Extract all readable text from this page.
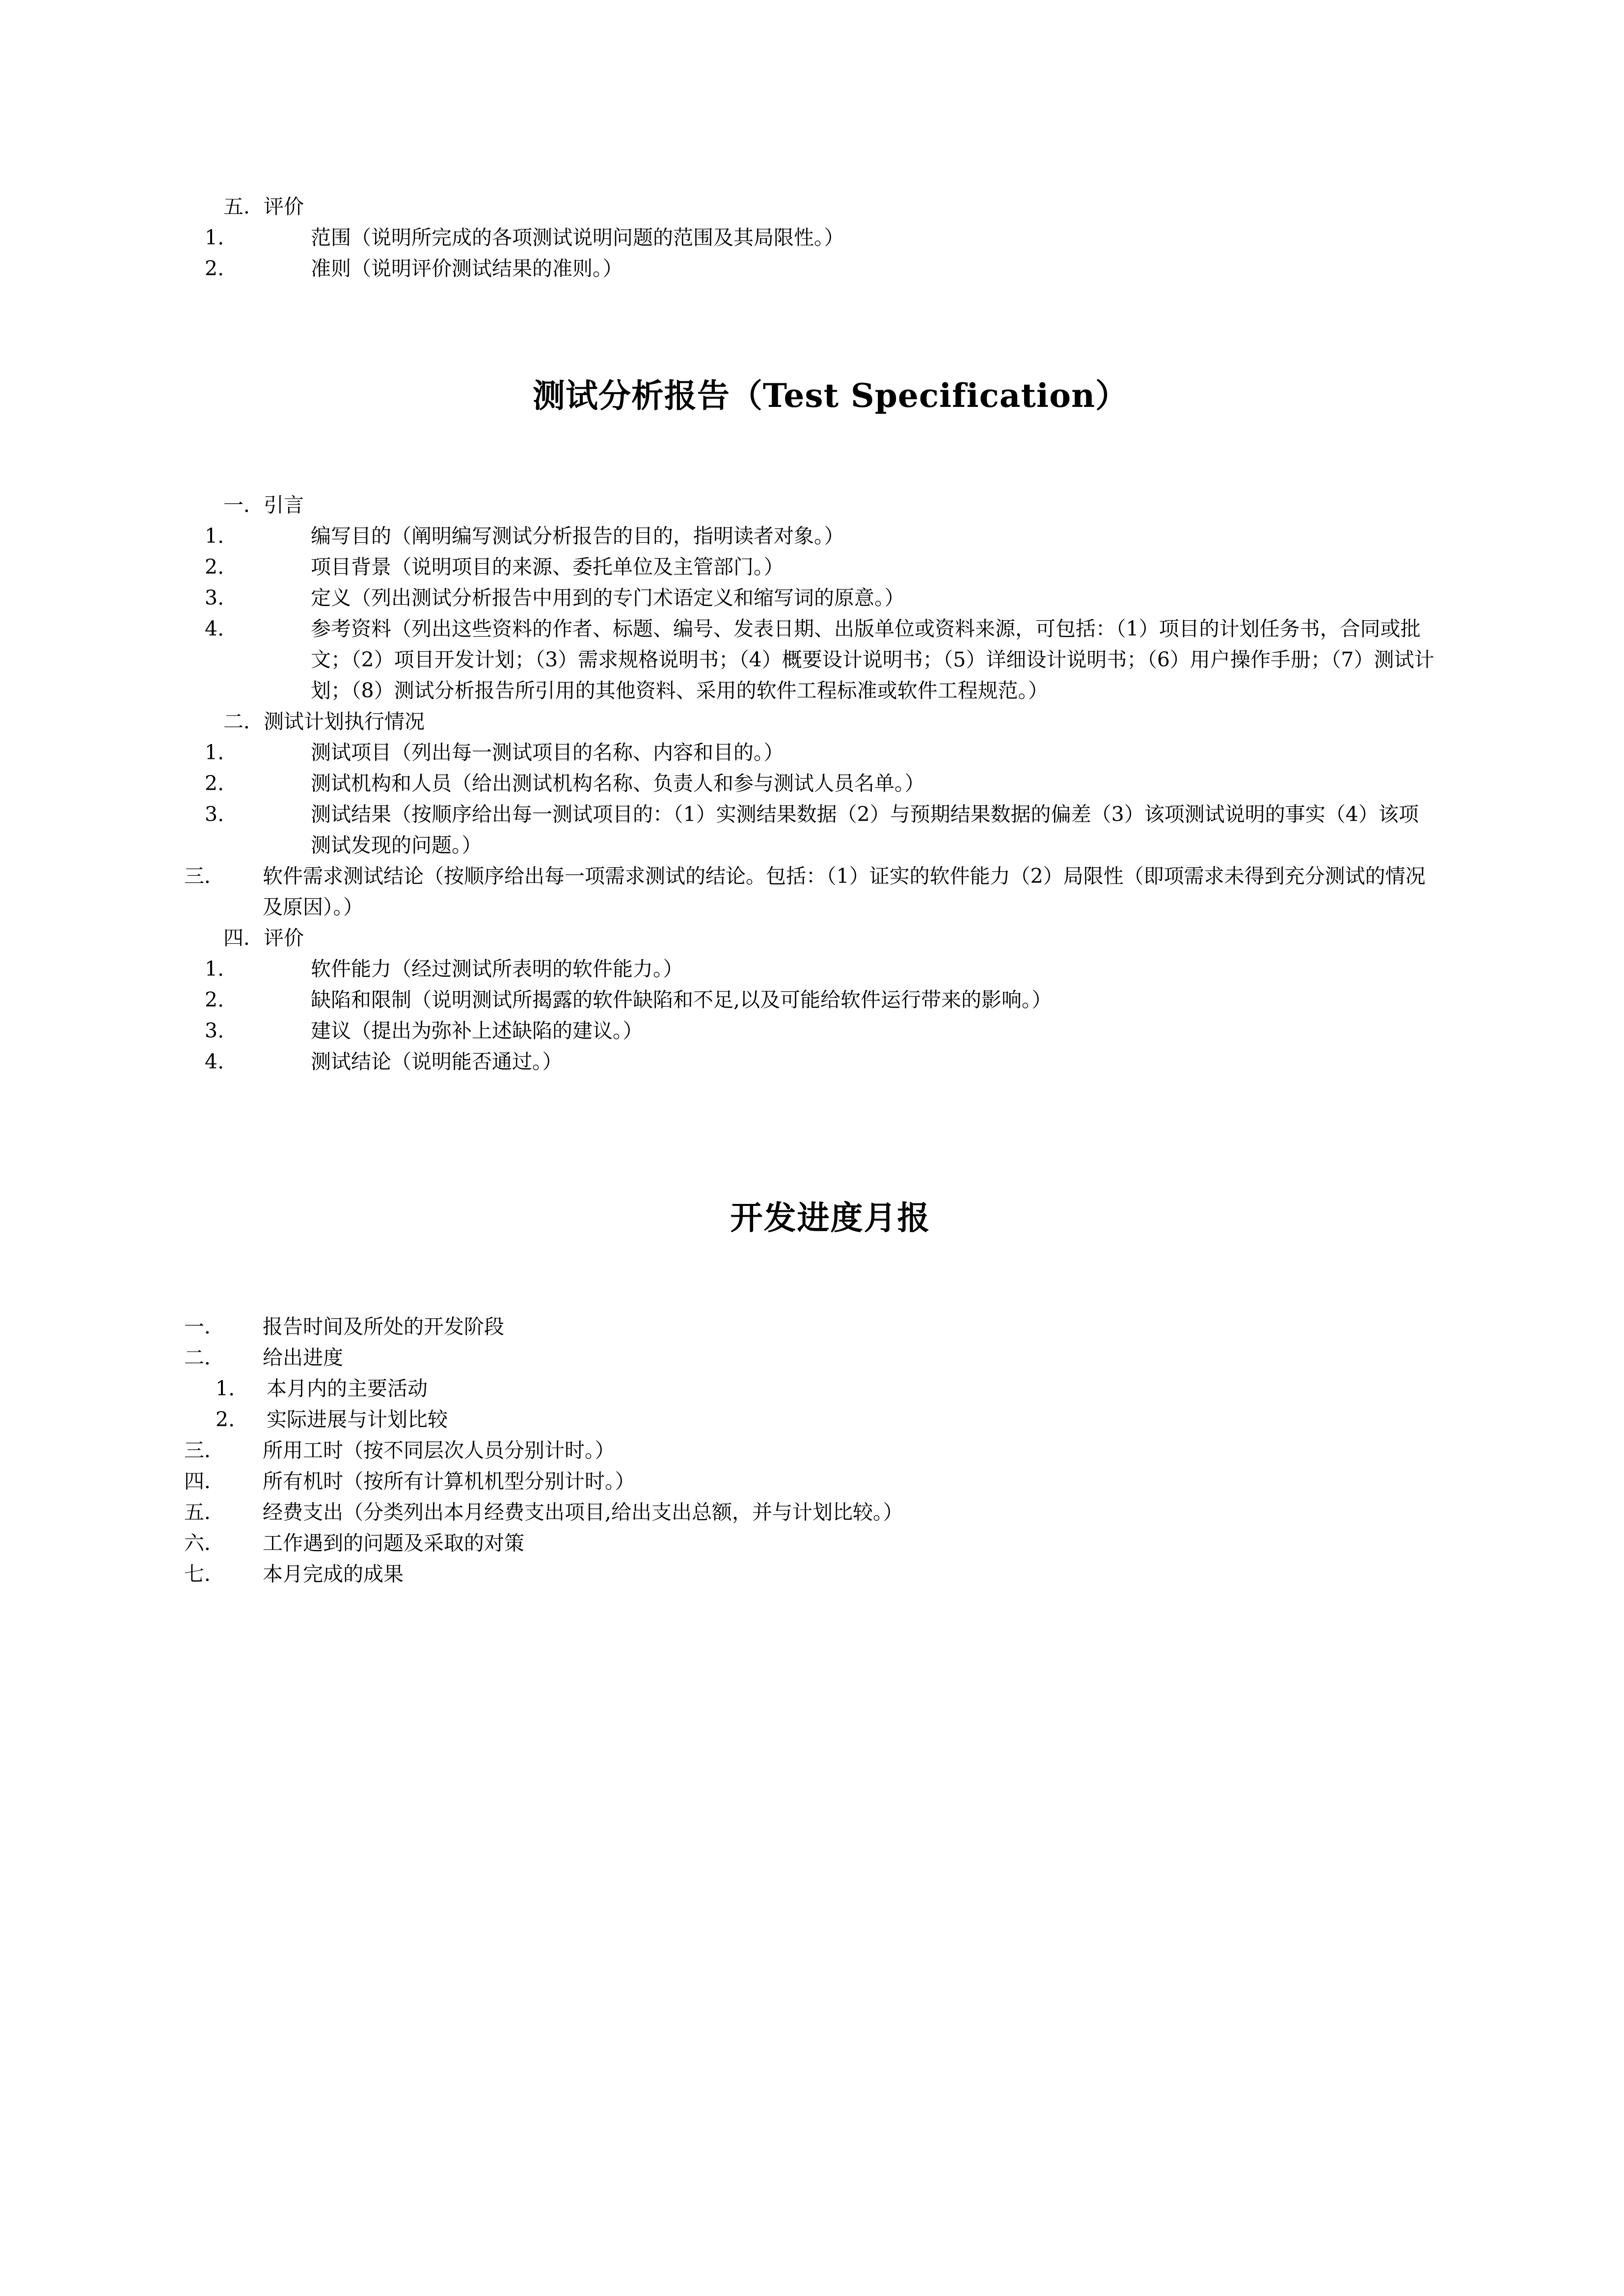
五．评价

1.	范围（说明所完成的各项测试说明问题的范围及其局限性。）

2.	准则（说明评价测试结果的准则。）

测试分析报告（Test Specification）

一．引言

1.	编写目的（阐明编写测试分析报告的目的，指明读者对象。）

2.	项目背景（说明项目的来源、委托单位及主管部门。）

3.	定义（列出测试分析报告中用到的专门术语定义和缩写词的原意。）

4.	参考资料（列出这些资料的作者、标题、编号、发表日期、出版单位或资料来源，可包括：（1）项目的计划任务书，合同或批文；（2）项目开发计划；（3）需求规格说明书；（4）概要设计说明书；（5）详细设计说明书；（6）用户操作手册；（7）测试计划；（8）测试分析报告所引用的其他资料、采用的软件工程标准或软件工程规范。）

二．测试计划执行情况

1.	测试项目（列出每一测试项目的名称、内容和目的。）

2.	测试机构和人员（给出测试机构名称、负责人和参与测试人员名单。）

3.	测试结果（按顺序给出每一测试项目的：（1）实测结果数据（2）与预期结果数据的偏差（3）该项测试说明的事实（4）该项测试发现的问题。）

三． 软件需求测试结论（按顺序给出每一项需求测试的结论。包括：（1）证实的软件能力（2）局限性（即项需求未得到充分测试的情况及原因）。）

四．评价

1.	软件能力（经过测试所表明的软件能力。）

2.	缺陷和限制（说明测试所揭露的软件缺陷和不足,以及可能给软件运行带来的影响。）

3.	建议（提出为弥补上述缺陷的建议。）

4.	测试结论（说明能否通过。）

开发进度月报

一． 报告时间及所处的开发阶段

二． 给出进度

1. 本月内的主要活动

2. 实际进展与计划比较

三． 所用工时（按不同层次人员分别计时。）

四． 所有机时（按所有计算机机型分别计时。）

五． 经费支出（分类列出本月经费支出项目,给出支出总额，并与计划比较。）

六． 工作遇到的问题及采取的对策

七． 本月完成的成果
